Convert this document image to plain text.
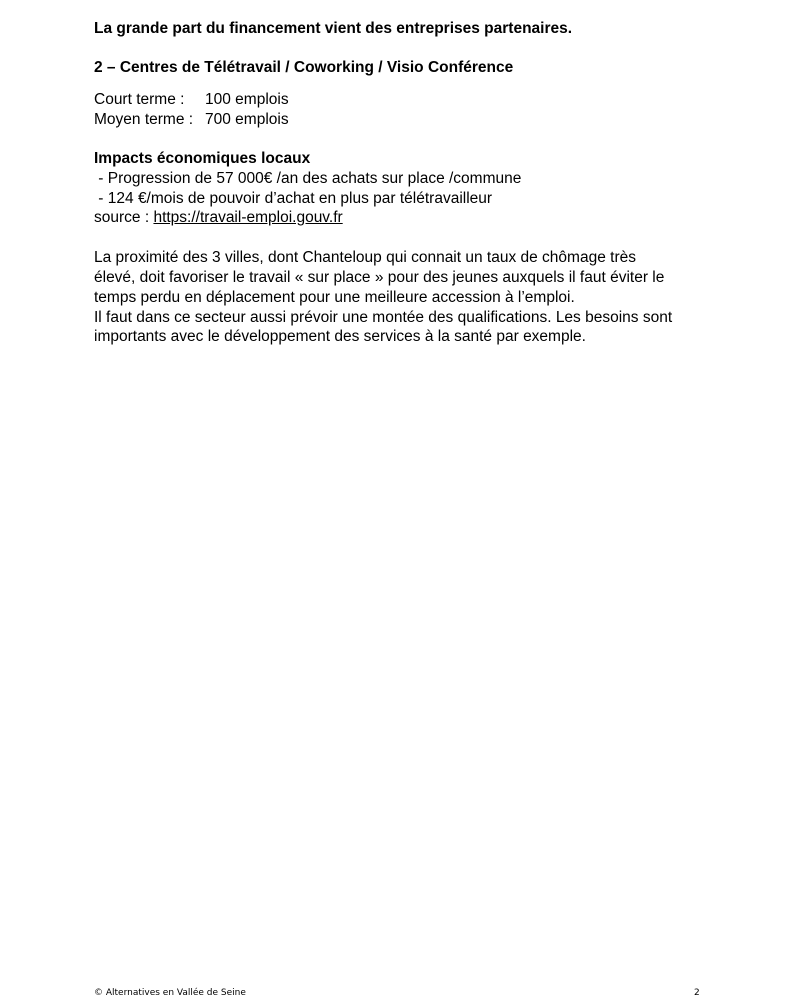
La grande part du financement vient des entreprises partenaires.
2 – Centres de Télétravail / Coworking / Visio Conférence
Court terme : 100 emplois
Moyen terme : 700 emplois
Impacts économiques locaux
- Progression de 57 000€ /an des achats sur place /commune
- 124 €/mois de pouvoir d’achat en plus par télétravailleur
source : https://travail-emploi.gouv.fr
La proximité des 3 villes, dont Chanteloup qui connait un taux de chômage très
élevé, doit favoriser le travail « sur place » pour des jeunes auxquels il faut éviter le
temps perdu en déplacement pour une meilleure accession à l’emploi.
Il faut dans ce secteur aussi prévoir une montée des qualifications. Les besoins sont
importants avec le développement des services à la santé par exemple.
© Alternatives en Vallée de Seine	2
